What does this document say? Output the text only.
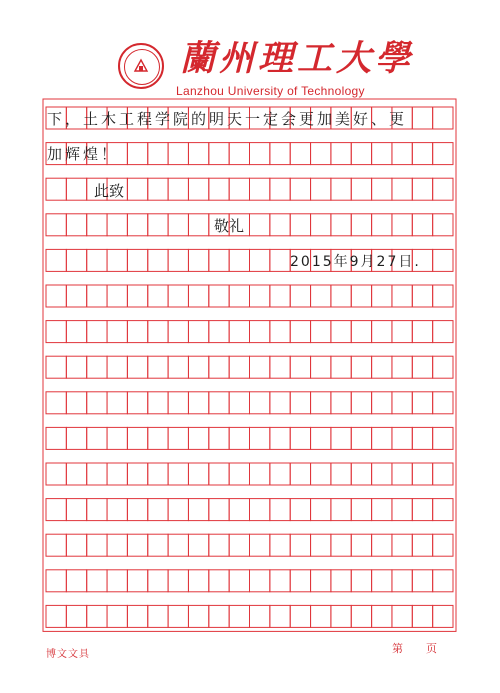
蘭州理工大學
Lanzhou University of Technology
下，土木工程学院的明天一定会更加美好、更
加辉煌！
此致
敬礼
2015年9月27日.
博文文具	第 页
